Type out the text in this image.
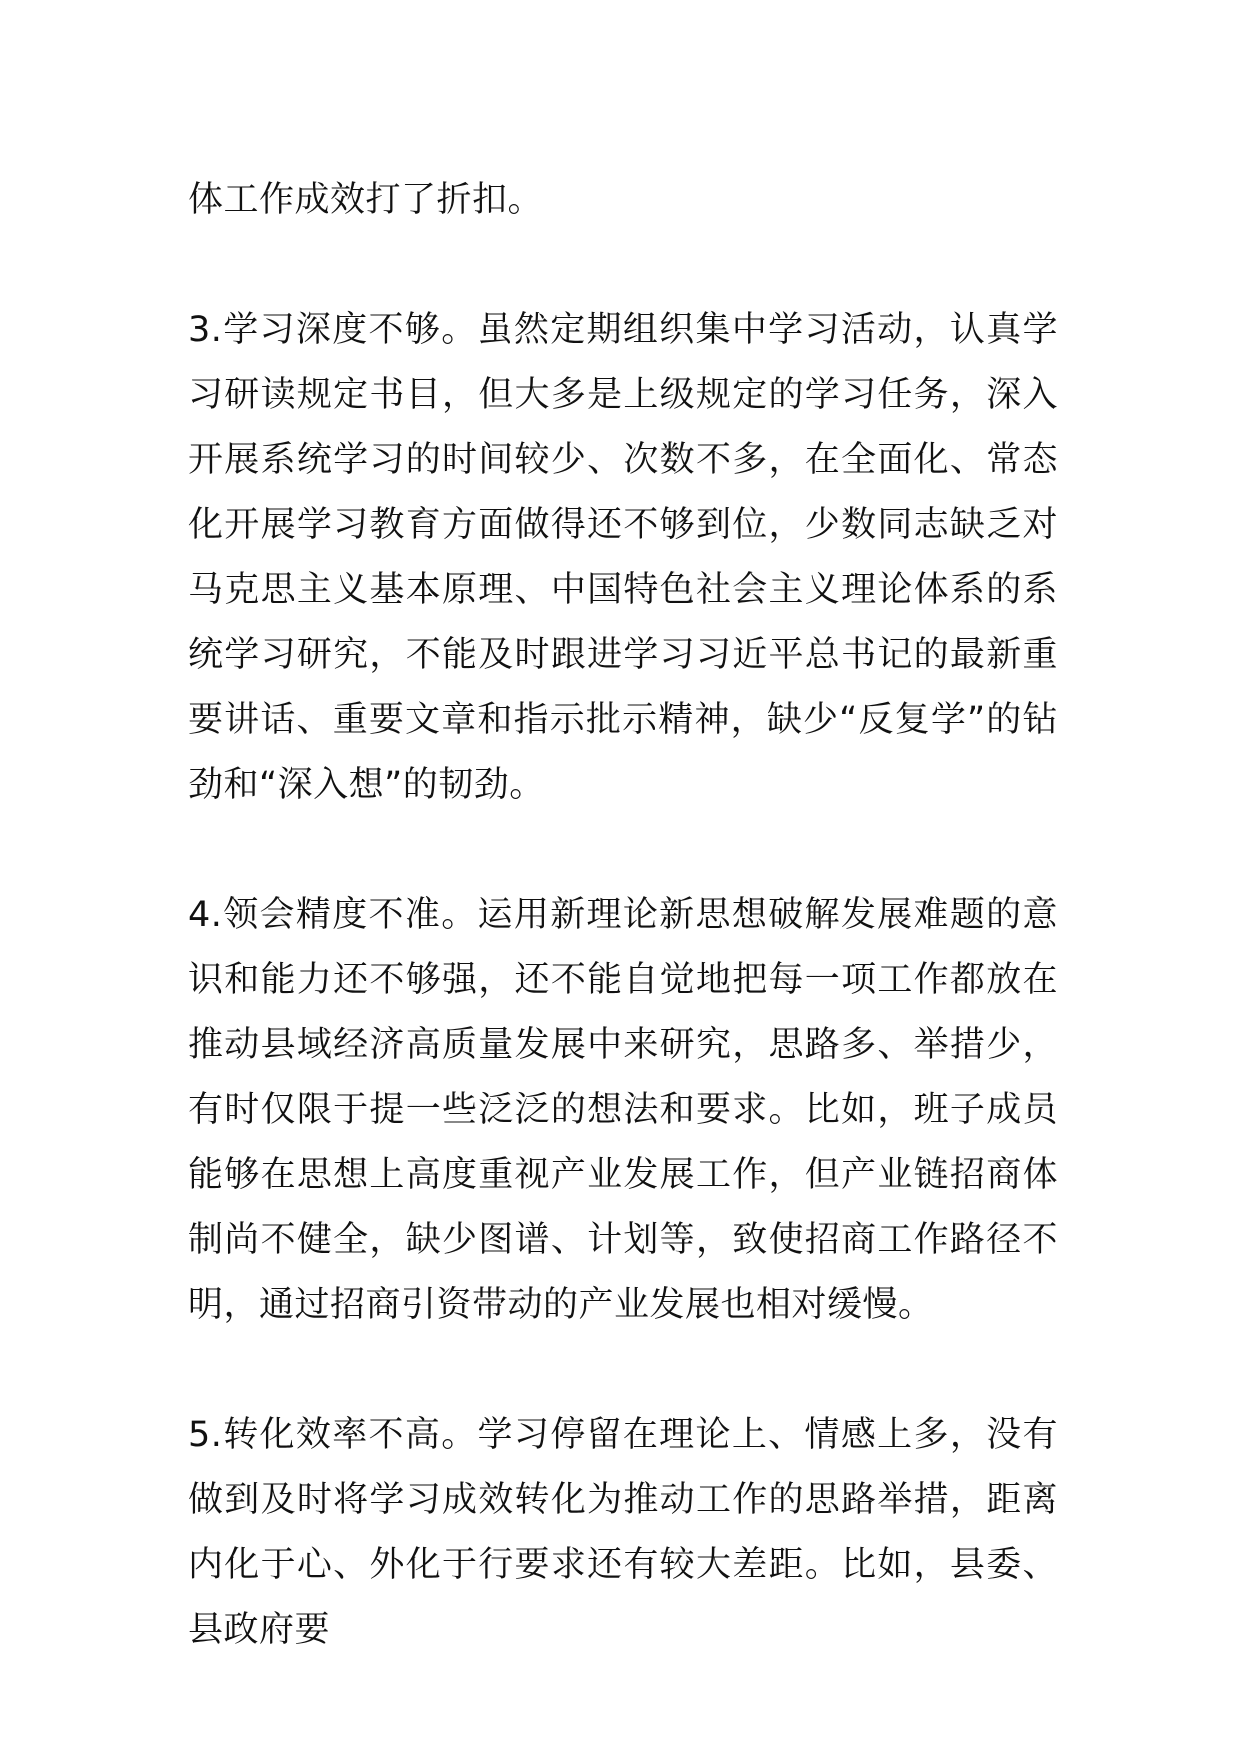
体工作成效打了折扣。

3.学习深度不够。虽然定期组织集中学习活动，认真学习研读规定书目，但大多是上级规定的学习任务，深入开展系统学习的时间较少、次数不多，在全面化、常态化开展学习教育方面做得还不够到位，少数同志缺乏对马克思主义基本原理、中国特色社会主义理论体系的系统学习研究，不能及时跟进学习习近平总书记的最新重要讲话、重要文章和指示批示精神，缺少“反复学”的钻劲和“深入想”的韧劲。

4.领会精度不准。运用新理论新思想破解发展难题的意识和能力还不够强，还不能自觉地把每一项工作都放在推动县域经济高质量发展中来研究，思路多、举措少，有时仅限于提一些泛泛的想法和要求。比如，班子成员能够在思想上高度重视产业发展工作，但产业链招商体制尚不健全，缺少图谱、计划等，致使招商工作路径不明，通过招商引资带动的产业发展也相对缓慢。

5.转化效率不高。学习停留在理论上、情感上多，没有做到及时将学习成效转化为推动工作的思路举措，距离内化于心、外化于行要求还有较大差距。比如，县委、县政府要
